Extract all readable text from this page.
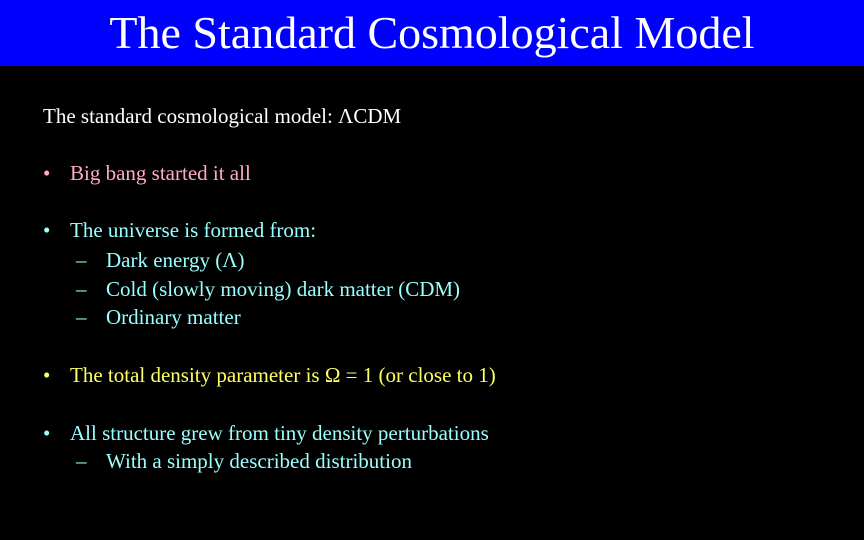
The Standard Cosmological Model
The standard cosmological model: ΛCDM
• Big bang started it all
• The universe is formed from:
– Dark energy (Λ)
– Cold (slowly moving) dark matter (CDM)
– Ordinary matter
• The total density parameter is Ω = 1 (or close to 1)
• All structure grew from tiny density perturbations
– With a simply described distribution
